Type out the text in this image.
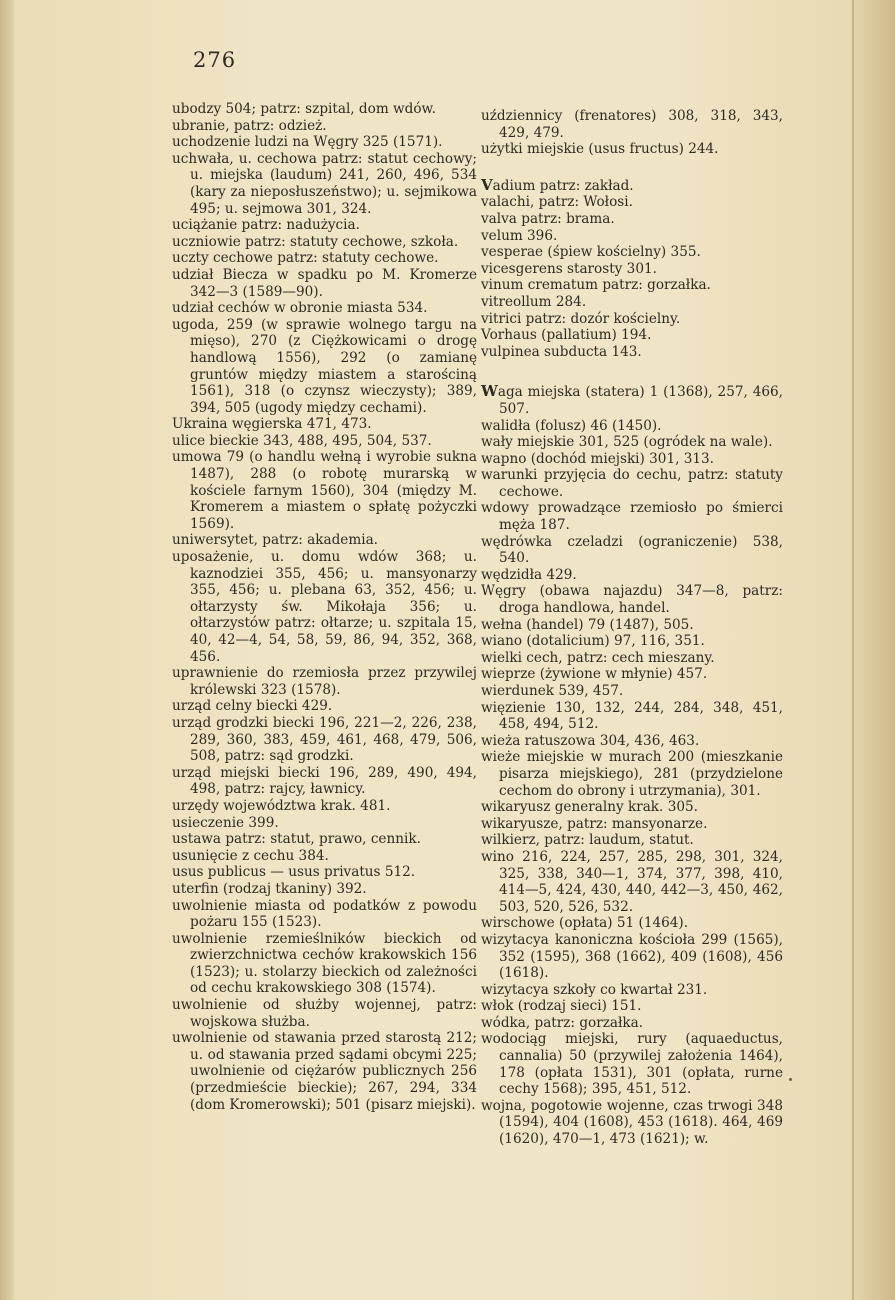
276
ubodzy 504; patrz: szpital, dom wdów.
ubranie, patrz: odzież.
uchodzenie ludzi na Węgry 325 (1571).
uchwała, u. cechowa patrz: statut cechowy; u. miejska (laudum) 241, 260, 496, 534 (kary za nieposłuszeństwo); u. sejmikowa 495; u. sejmowa 301, 324.
uciążanie patrz: nadużycia.
uczniowie patrz: statuty cechowe, szkoła.
uczty cechowe patrz: statuty cechowe.
udział Biecza w spadku po M. Kromerze 342—3 (1589—90).
udział cechów w obronie miasta 534.
ugoda, 259 (w sprawie wolnego targu na mięso), 270 (z Ciężkowicami o drogę handlową 1556), 292 (o zamianę gruntów między miastem a starościną 1561), 318 (o czynsz wieczysty); 389, 394, 505 (ugody między cechami).
Ukraina węgierska 471, 473.
ulice bieckie 343, 488, 495, 504, 537.
umowa 79 (o handlu wełną i wyrobie sukna 1487), 288 (o robotę murarską w kościele farnym 1560), 304 (między M. Kromerem a miastem o spłatę pożyczki 1569).
uniwersytet, patrz: akademia.
uposażenie, u. domu wdów 368; u. kaznodziei 355, 456; u. mansyonarzy 355, 456; u. plebana 63, 352, 456; u. ołtarzysty św. Mikołaja 356; u. ołtarzystów patrz: ołtarze; u. szpitala 15, 40, 42—4, 54, 58, 59, 86, 94, 352, 368, 456.
uprawnienie do rzemiosła przez przywilej królewski 323 (1578).
urząd celny biecki 429.
urząd grodzki biecki 196, 221—2, 226, 238, 289, 360, 383, 459, 461, 468, 479, 506, 508, patrz: sąd grodzki.
urząd miejski biecki 196, 289, 490, 494, 498, patrz: rajcy, ławnicy.
urzędy województwa krak. 481.
usieczenie 399.
ustawa patrz: statut, prawo, cennik.
usunięcie z cechu 384.
usus publicus — usus privatus 512.
uterfin (rodzaj tkaniny) 392.
uwolnienie miasta od podatków z powodu pożaru 155 (1523).
uwolnienie rzemieślników bieckich od zwierzchnictwa cechów krakowskich 156 (1523); u. stolarzy bieckich od zależności od cechu krakowskiego 308 (1574).
uwolnienie od służby wojennej, patrz: wojskowa służba.
uwolnienie od stawania przed starostą 212; u. od stawania przed sądami obcymi 225; uwolnienie od ciężarów publicznych 256 (przedmieście bieckie); 267, 294, 334 (dom Kromerowski); 501 (pisarz miejski).
uździennicy (frenatores) 308, 318, 343, 429, 479.
użytki miejskie (usus fructus) 244.
Vadium patrz: zakład.
valachi, patrz: Wołosi.
valva patrz: brama.
velum 396.
vesperae (śpiew kościelny) 355.
vicesgerens starosty 301.
vinum crematum patrz: gorzałka.
vitreollum 284.
vitrici patrz: dozór kościelny.
Vorhaus (pallatium) 194.
vulpinea subducta 143.
Waga miejska (statera) 1 (1368), 257, 466, 507.
walidła (folusz) 46 (1450).
wały miejskie 301, 525 (ogródek na wale).
wapno (dochód miejski) 301, 313.
warunki przyjęcia do cechu, patrz: statuty cechowe.
wdowy prowadzące rzemiosło po śmierci męża 187.
wędrówka czeladzi (ograniczenie) 538, 540.
wędzidła 429.
Węgry (obawa najazdu) 347—8, patrz: droga handlowa, handel.
wełna (handel) 79 (1487), 505.
wiano (dotalicium) 97, 116, 351.
wielki cech, patrz: cech mieszany.
wieprze (żywione w młynie) 457.
wierdunek 539, 457.
więzienie 130, 132, 244, 284, 348, 451, 458, 494, 512.
wieża ratuszowa 304, 436, 463.
wieże miejskie w murach 200 (mieszkanie pisarza miejskiego), 281 (przydzielone cechom do obrony i utrzymania), 301.
wikaryusz generalny krak. 305.
wikaryusze, patrz: mansyonarze.
wilkierz, patrz: laudum, statut.
wino 216, 224, 257, 285, 298, 301, 324, 325, 338, 340—1, 374, 377, 398, 410, 414—5, 424, 430, 440, 442—3, 450, 462, 503, 520, 526, 532.
wirschowe (opłata) 51 (1464).
wizytacya kanoniczna kościoła 299 (1565), 352 (1595), 368 (1662), 409 (1608), 456 (1618).
wizytacya szkoły co kwartał 231.
włok (rodzaj sieci) 151.
wódka, patrz: gorzałka.
wodociąg miejski, rury (aquaeductus, cannalia) 50 (przywilej założenia 1464), 178 (opłata 1531), 301 (opłata, rurne cechy 1568); 395, 451, 512.
wojna, pogotowie wojenne, czas trwogi 348 (1594), 404 (1608), 453 (1618). 464, 469 (1620), 470—1, 473 (1621); w.
